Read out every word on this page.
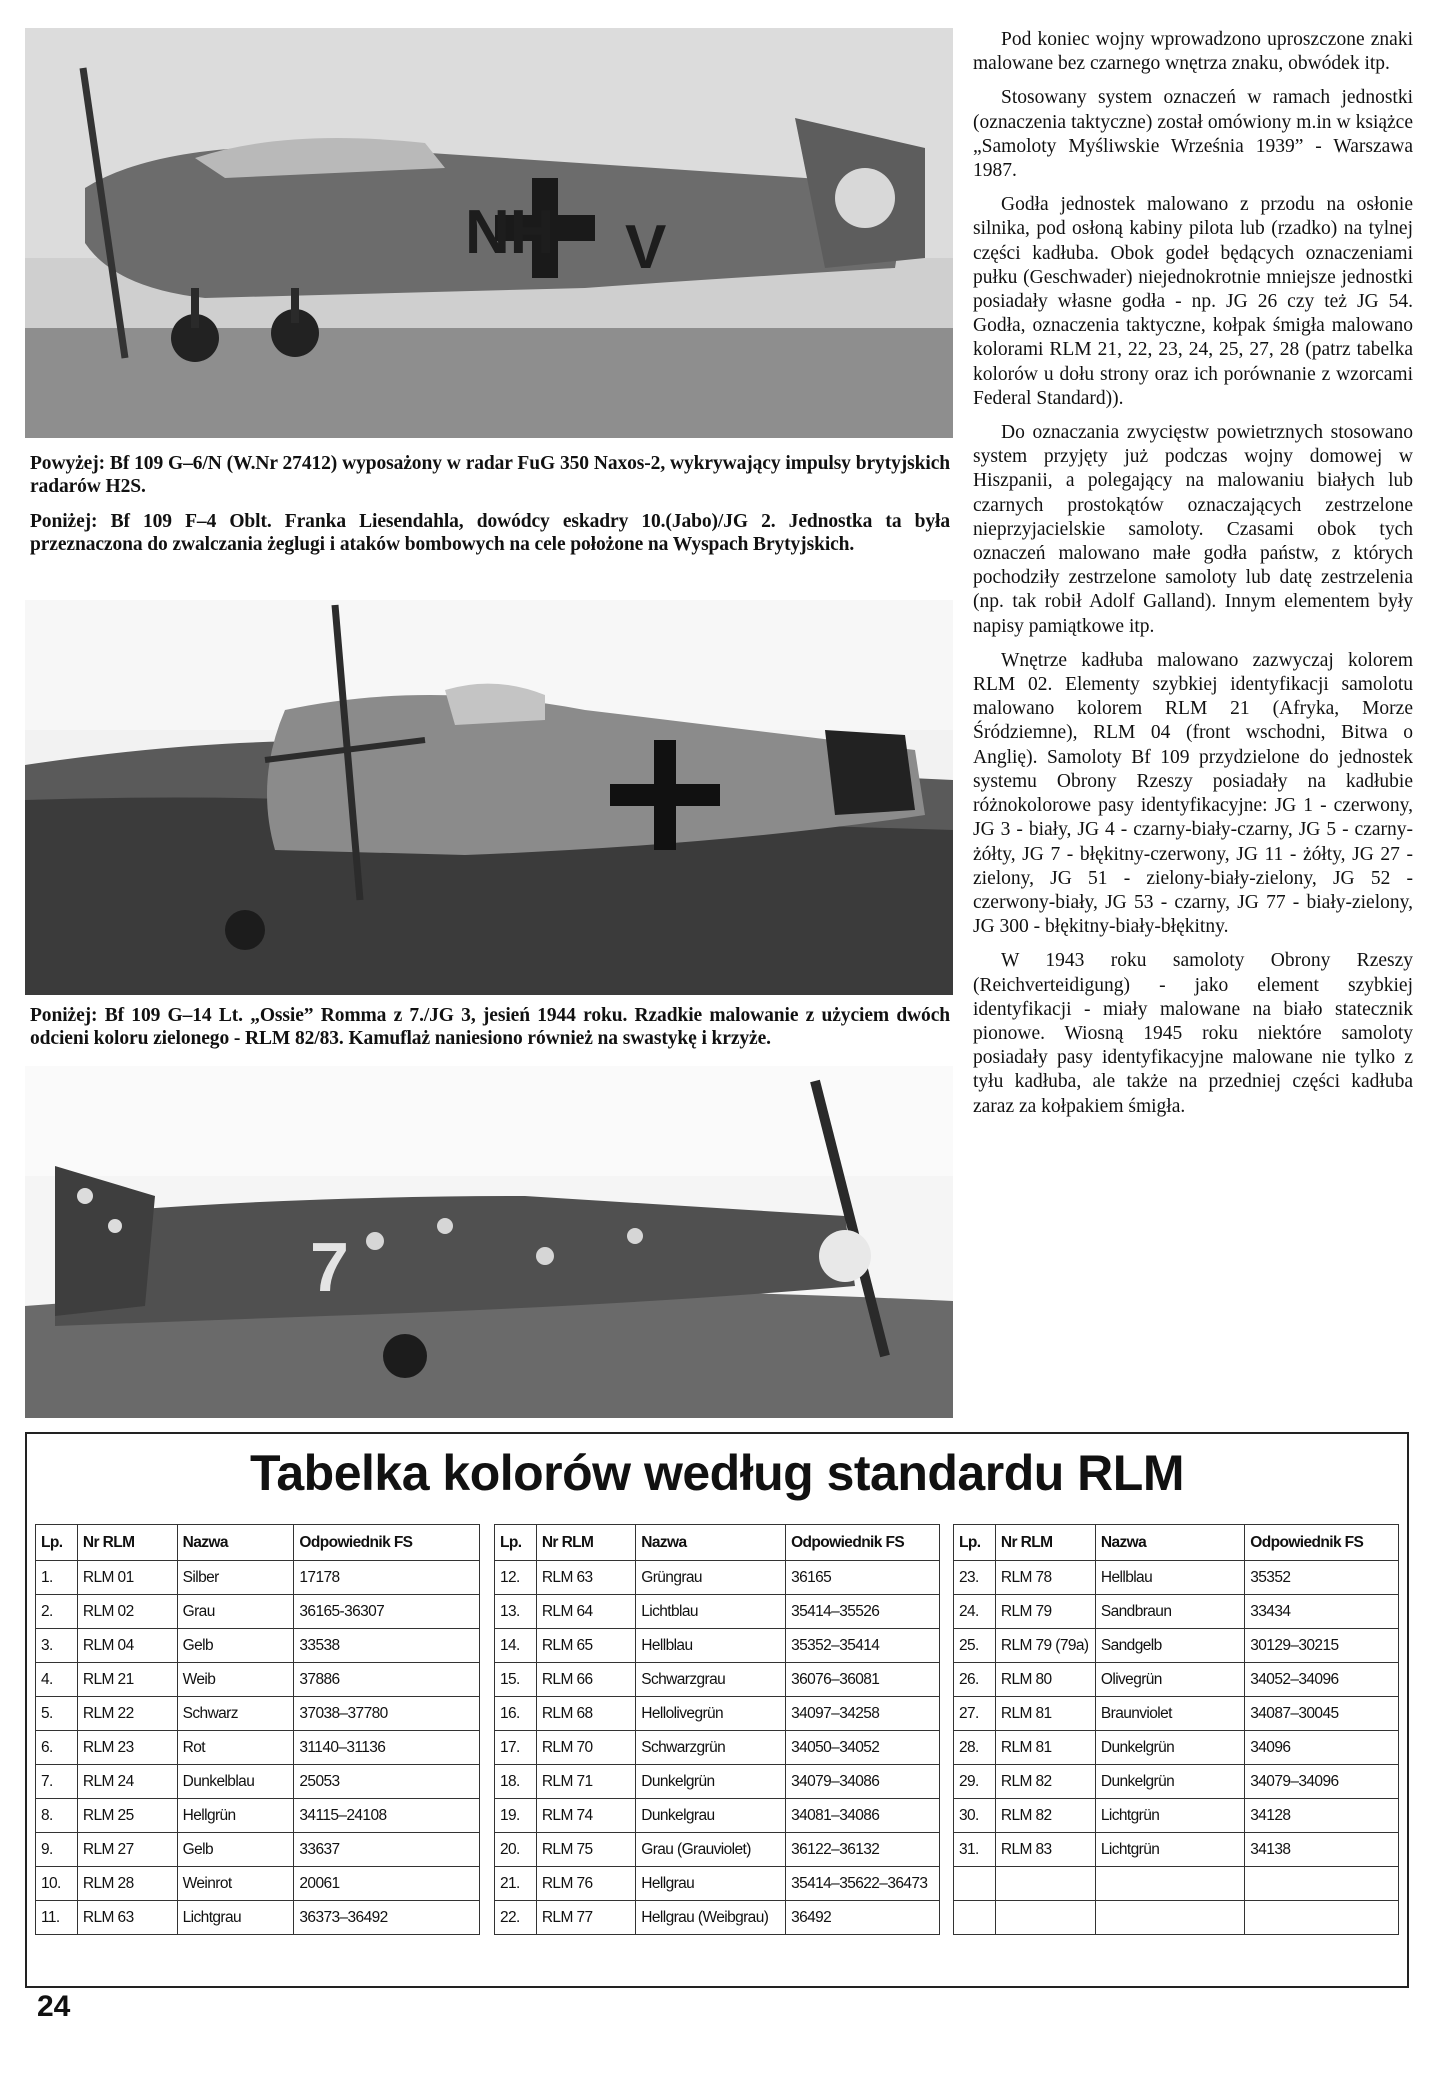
NH V

Powyżej: Bf 109 G–6/N (W.Nr 27412) wyposażony w radar FuG 350 Naxos-2, wykrywający impulsy brytyjskich radarów H2S.

Poniżej: Bf 109 F–4 Oblt. Franka Liesendahla, dowódcy eskadry 10.(Jabo)/JG 2. Jednostka ta była przeznaczona do zwalczania żeglugi i ataków bombowych na cele położone na Wyspach Brytyjskich.

Poniżej: Bf 109 G–14 Lt. „Ossie” Romma z 7./JG 3, jesień 1944 roku. Rzadkie malowanie z użyciem dwóch odcieni koloru zielonego - RLM 82/83. Kamuflaż naniesiono również na swastykę i krzyże.

7

Pod koniec wojny wprowadzono uproszczone znaki malowane bez czarnego wnętrza znaku, obwódek itp.

Stosowany system oznaczeń w ramach jednostki (oznaczenia taktyczne) został omówiony m.in w książce „Samoloty Myśliwskie Września 1939” - Warszawa 1987.

Godła jednostek malowano z przodu na osłonie silnika, pod osłoną kabiny pilota lub (rzadko) na tylnej części kadłuba. Obok godeł będących oznaczeniami pułku (Geschwader) niejednokrotnie mniejsze jednostki posiadały własne godła - np. JG 26 czy też JG 54. Godła, oznaczenia taktyczne, kołpak śmigła malowano kolorami RLM 21, 22, 23, 24, 25, 27, 28 (patrz tabelka kolorów u dołu strony oraz ich porównanie z wzorcami Federal Standard)).

Do oznaczania zwycięstw powietrznych stosowano system przyjęty już podczas wojny domowej w Hiszpanii, a polegający na malowaniu białych lub czarnych prostokątów oznaczających zestrzelone nieprzyjacielskie samoloty. Czasami obok tych oznaczeń malowano małe godła państw, z których pochodziły zestrzelone samoloty lub datę zestrzelenia (np. tak robił Adolf Galland). Innym elementem były napisy pamiątkowe itp.

Wnętrze kadłuba malowano zazwyczaj kolorem RLM 02. Elementy szybkiej identyfikacji samolotu malowano kolorem RLM 21 (Afryka, Morze Śródziemne), RLM 04 (front wschodni, Bitwa o Anglię). Samoloty Bf 109 przydzielone do jednostek systemu Obrony Rzeszy posiadały na kadłubie różnokolorowe pasy identyfikacyjne: JG 1 - czerwony, JG 3 - biały, JG 4 - czarny-biały-czarny, JG 5 - czarny-żółty, JG 7 - błękitny-czerwony, JG 11 - żółty, JG 27 - zielony, JG 51 - zielony-biały-zielony, JG 52 - czerwony-biały, JG 53 - czarny, JG 77 - biały-zielony, JG 300 - błękitny-biały-błękitny.

W 1943 roku samoloty Obrony Rzeszy (Reichverteidigung) - jako element szybkiej identyfikacji - miały malowane na biało statecznik pionowe. Wiosną 1945 roku niektóre samoloty posiadały pasy identyfikacyjne malowane nie tylko z tyłu kadłuba, ale także na przedniej części kadłuba zaraz za kołpakiem śmigła.

Tabelka kolorów według standardu RLM
Lp.	Nr RLM	Nazwa	Odpowiednik FS
1.	RLM 01	Silber	17178
2.	RLM 02	Grau	36165-36307
3.	RLM 04	Gelb	33538
4.	RLM 21	Weib	37886
5.	RLM 22	Schwarz	37038–37780
6.	RLM 23	Rot	31140–31136
7.	RLM 24	Dunkelblau	25053
8.	RLM 25	Hellgrün	34115–24108
9.	RLM 27	Gelb	33637
10.	RLM 28	Weinrot	20061
11.	RLM 63	Lichtgrau	36373–36492
Lp.	Nr RLM	Nazwa	Odpowiednik FS
12.	RLM 63	Grüngrau	36165
13.	RLM 64	Lichtblau	35414–35526
14.	RLM 65	Hellblau	35352–35414
15.	RLM 66	Schwarzgrau	36076–36081
16.	RLM 68	Hellolivegrün	34097–34258
17.	RLM 70	Schwarzgrün	34050–34052
18.	RLM 71	Dunkelgrün	34079–34086
19.	RLM 74	Dunkelgrau	34081–34086
20.	RLM 75	Grau (Grauviolet)	36122–36132
21.	RLM 76	Hellgrau	35414–35622–36473
22.	RLM 77	Hellgrau (Weibgrau)	36492
Lp.	Nr RLM	Nazwa	Odpowiednik FS
23.	RLM 78	Hellblau	35352
24.	RLM 79	Sandbraun	33434
25.	RLM 79 (79a)	Sandgelb	30129–30215
26.	RLM 80	Olivegrün	34052–34096
27.	RLM 81	Braunviolet	34087–30045
28.	RLM 81	Dunkelgrün	34096
29.	RLM 82	Dunkelgrün	34079–34096
30.	RLM 82	Lichtgrün	34128
31.	RLM 83	Lichtgrün	34138

24
